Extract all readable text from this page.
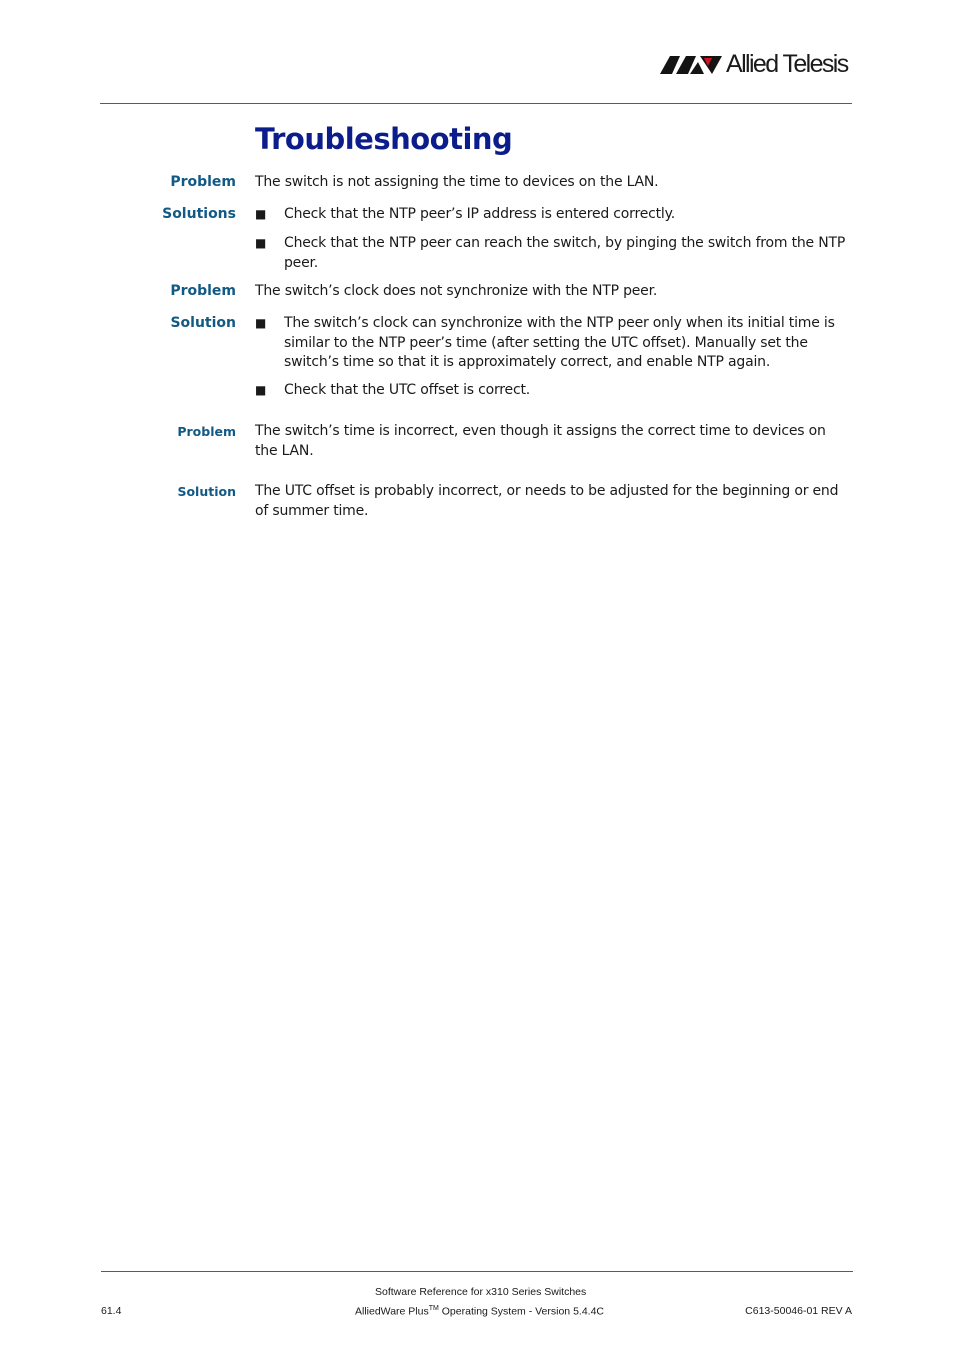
Allied Telesis
Troubleshooting
Problem The switch is not assigning the time to devices on the LAN.
Solutions ■ Check that the NTP peer’s IP address is entered correctly.
■ Check that the NTP peer can reach the switch, by pinging the switch from the NTP peer.
Problem The switch’s clock does not synchronize with the NTP peer.
Solution ■ The switch’s clock can synchronize with the NTP peer only when its initial time is similar to the NTP peer’s time (after setting the UTC offset). Manually set the switch’s time so that it is approximately correct, and enable NTP again.
■ Check that the UTC offset is correct.
Problem The switch’s time is incorrect, even though it assigns the correct time to devices on the LAN.
Solution The UTC offset is probably incorrect, or needs to be adjusted for the beginning or end of summer time.
Software Reference for x310 Series Switches
61.4	AlliedWare Plus™ Operating System - Version 5.4.4C	C613-50046-01 REV A
